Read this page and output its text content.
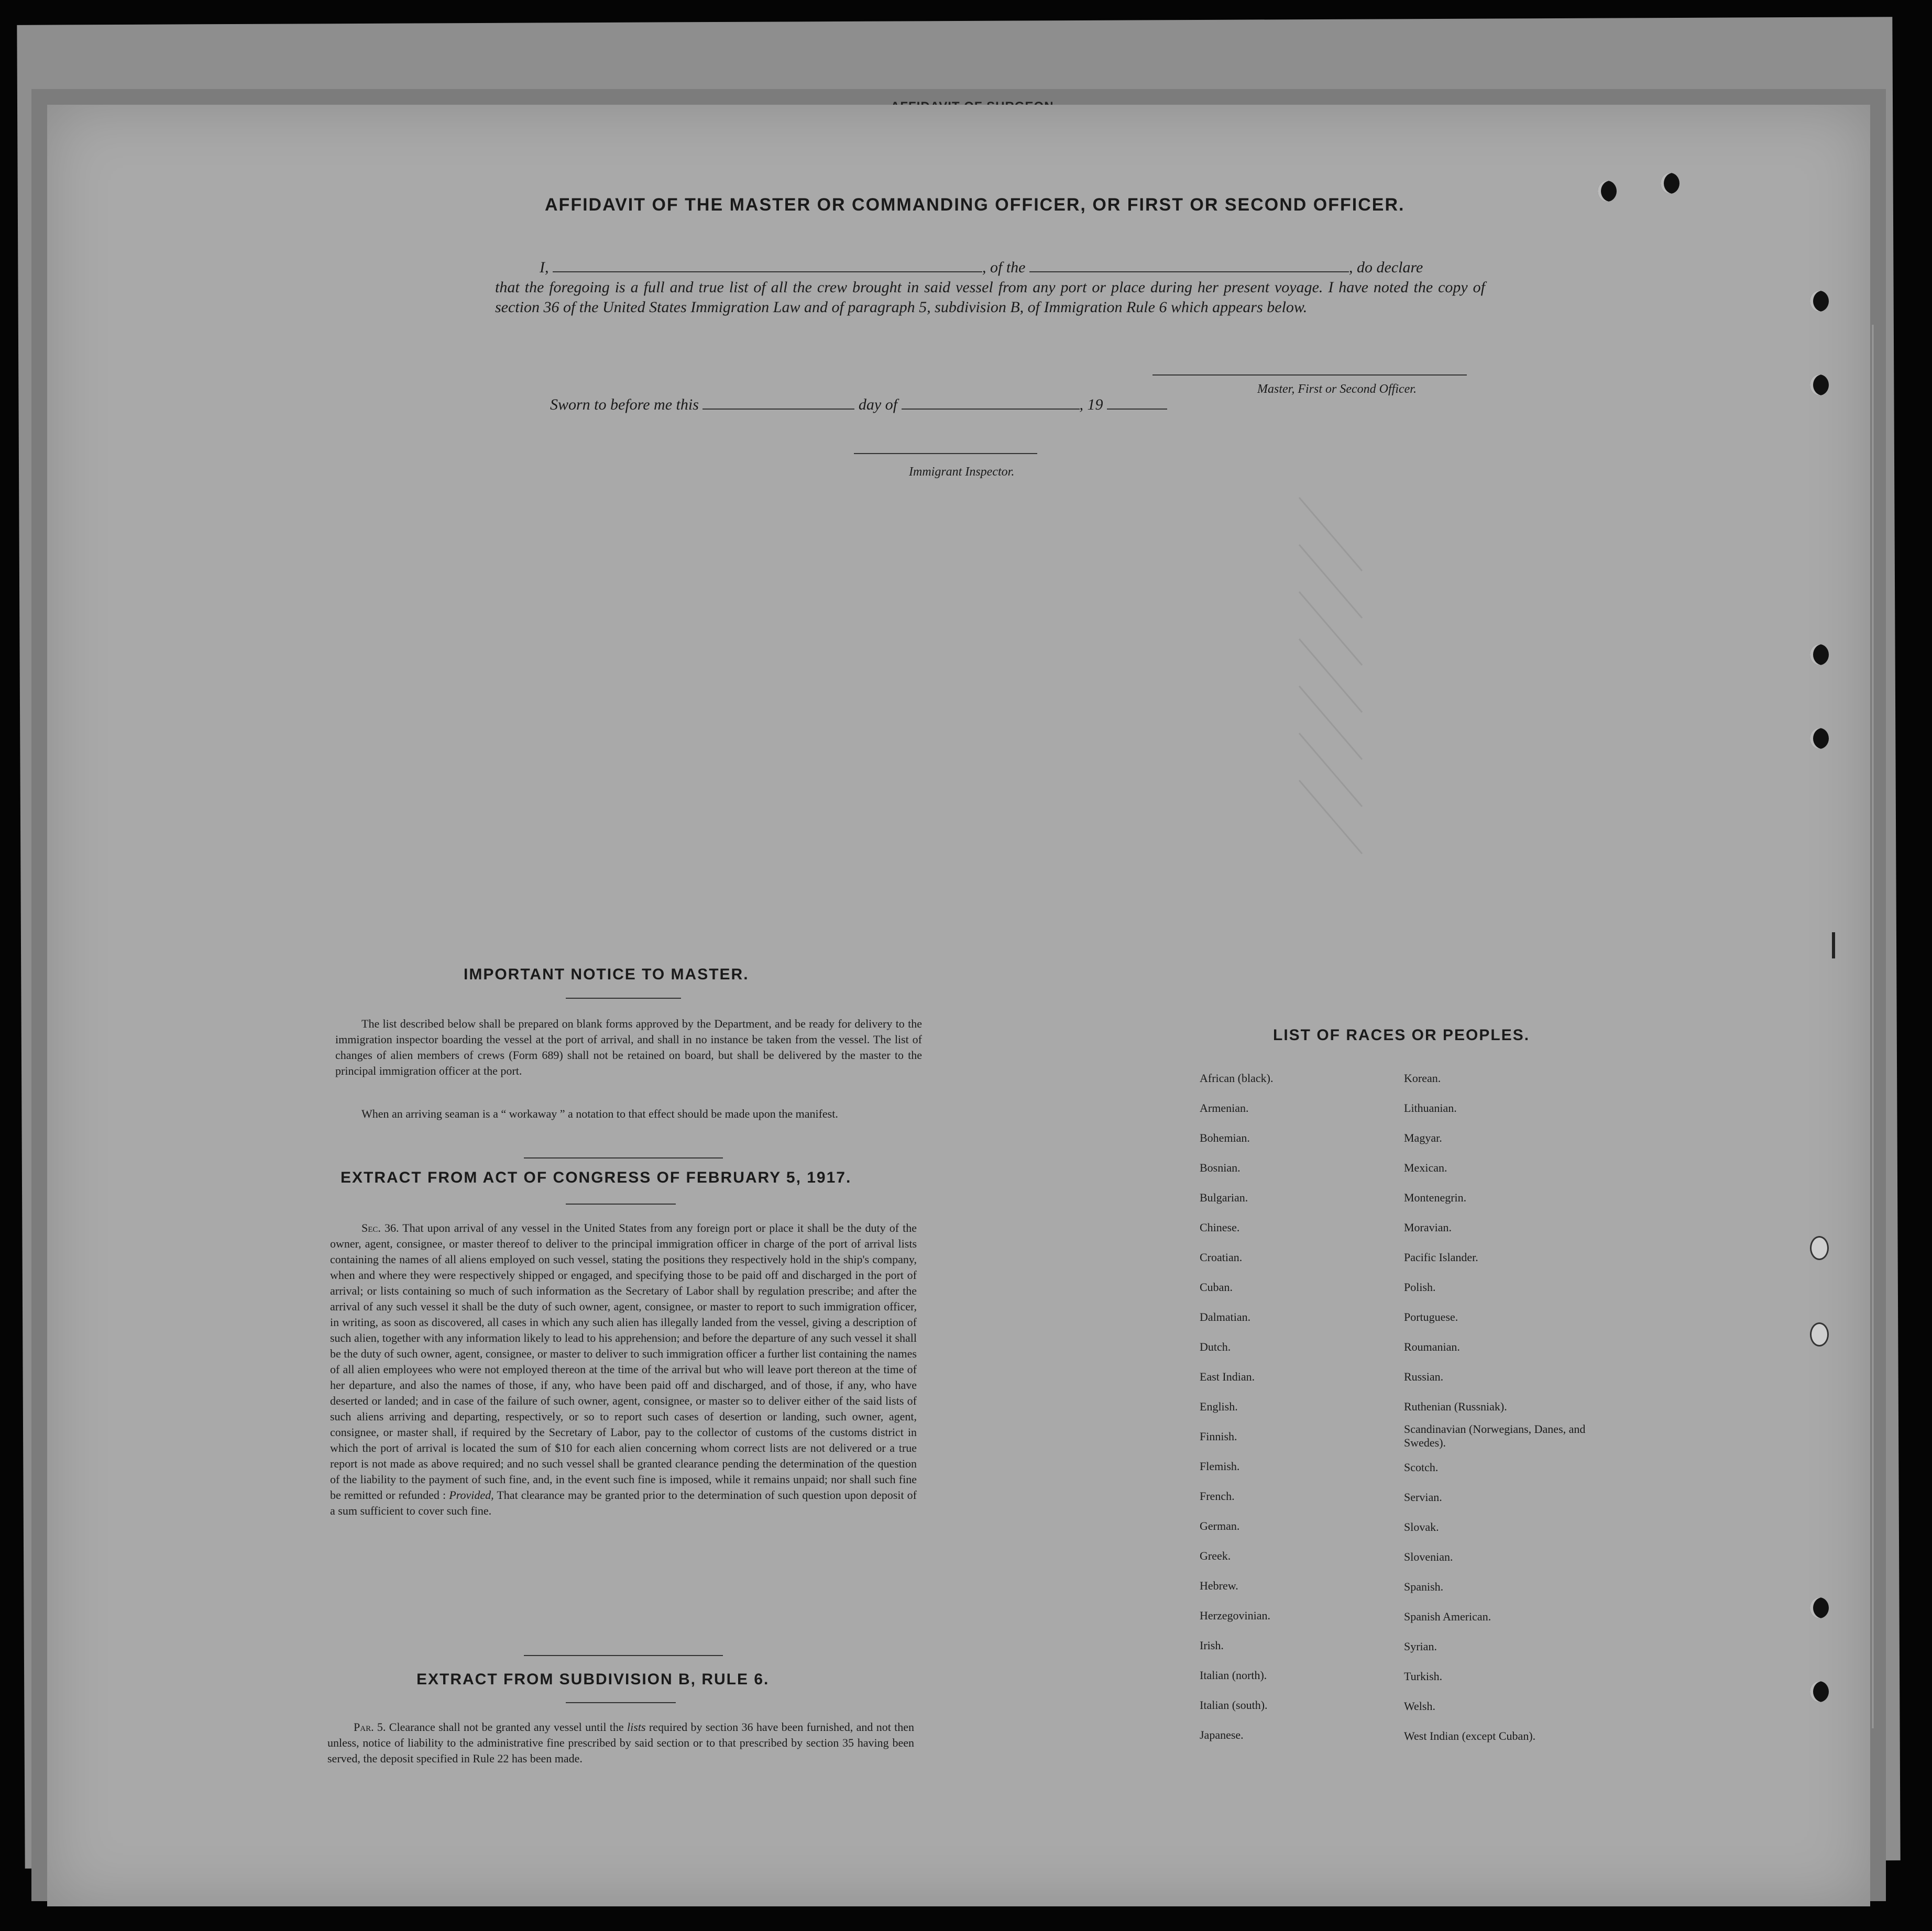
AFFIDAVIT OF THE MASTER OR COMMANDING OFFICER, OR FIRST OR SECOND OFFICER.
I,	, of the	, do declare
that the foregoing is a full and true list of all the crew brought in said vessel from any port or place during her present voyage. I have noted the copy of section 36 of the United States Immigration Law and of paragraph 5, subdivision B, of Immigration Rule 6 which appears below.
Master, First or Second Officer.
Sworn to before me this	day of	, 19
Immigrant Inspector.
IMPORTANT NOTICE TO MASTER.
The list described below shall be prepared on blank forms approved by the Department, and be ready for delivery to the immigration inspector boarding the vessel at the port of arrival, and shall in no instance be taken from the vessel. The list of changes of alien members of crews (Form 689) shall not be retained on board, but shall be delivered by the master to the principal immigration officer at the port.
When an arriving seaman is a “ workaway ” a notation to that effect should be made upon the manifest.
EXTRACT FROM ACT OF CONGRESS OF FEBRUARY 5, 1917.
Sec. 36. That upon arrival of any vessel in the United States from any foreign port or place it shall be the duty of the owner, agent, consignee, or master thereof to deliver to the principal immigration officer in charge of the port of arrival lists containing the names of all aliens employed on such vessel, stating the positions they respectively hold in the ship's company, when and where they were respectively shipped or engaged, and specifying those to be paid off and discharged in the port of arrival; or lists containing so much of such information as the Secretary of Labor shall by regulation prescribe; and after the arrival of any such vessel it shall be the duty of such owner, agent, consignee, or master to report to such immigration officer, in writing, as soon as discovered, all cases in which any such alien has illegally landed from the vessel, giving a description of such alien, together with any information likely to lead to his apprehension; and before the departure of any such vessel it shall be the duty of such owner, agent, consignee, or master to deliver to such immigration officer a further list containing the names of all alien employees who were not employed thereon at the time of the arrival but who will leave port thereon at the time of her departure, and also the names of those, if any, who have been paid off and discharged, and of those, if any, who have deserted or landed; and in case of the failure of such owner, agent, consignee, or master so to deliver either of the said lists of such aliens arriving and departing, respectively, or so to report such cases of desertion or landing, such owner, agent, consignee, or master shall, if required by the Secretary of Labor, pay to the collector of customs of the customs district in which the port of arrival is located the sum of $10 for each alien concerning whom correct lists are not delivered or a true report is not made as above required; and no such vessel shall be granted clearance pending the determination of the question of the liability to the payment of such fine, and, in the event such fine is imposed, while it remains unpaid; nor shall such fine be remitted or refunded : Provided, That clearance may be granted prior to the determination of such question upon deposit of a sum sufficient to cover such fine.
EXTRACT FROM SUBDIVISION B, RULE 6.
Par. 5. Clearance shall not be granted any vessel until the lists required by section 36 have been furnished, and not then unless, notice of liability to the administrative fine prescribed by said section or to that prescribed by section 35 having been served, the deposit specified in Rule 22 has been made.
LIST OF RACES OR PEOPLES.
African (black).
Armenian.
Bohemian.
Bosnian.
Bulgarian.
Chinese.
Croatian.
Cuban.
Dalmatian.
Dutch.
East Indian.
English.
Finnish.
Flemish.
French.
German.
Greek.
Hebrew.
Herzegovinian.
Irish.
Italian (north).
Italian (south).
Japanese.
Korean.
Lithuanian.
Magyar.
Mexican.
Montenegrin.
Moravian.
Pacific Islander.
Polish.
Portuguese.
Roumanian.
Russian.
Ruthenian (Russniak).
Scandinavian (Norwegians, Danes, and Swedes).
Scotch.
Servian.
Slovak.
Slovenian.
Spanish.
Spanish American.
Syrian.
Turkish.
Welsh.
West Indian (except Cuban).
